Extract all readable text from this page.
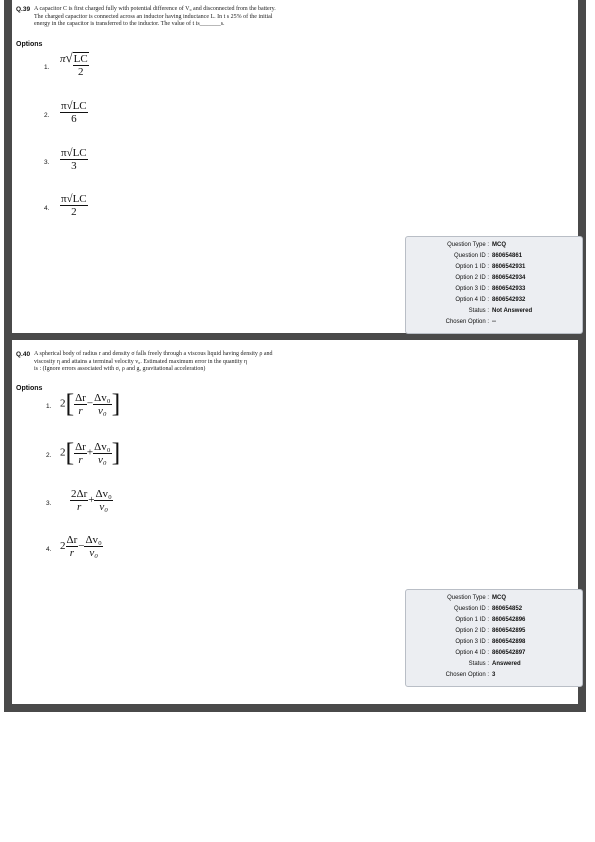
Q.39 A capacitor C is first charged fully with potential difference of V₀ and disconnected from the battery.
The charged capacitor is connected across an inductor having inductance L. In t s 25% of the initial
energy in the capacitor is transferred to the inductor. The value of t is_______s.
Options
1.
π √ $\frac{LC}{2}$
2. $\frac{\pi√LC}{6}$
3. $\frac{\pi√LC}{3}$
4. $\frac{\pi√LC}{2}$
Question Type : MCQ
Question ID : 860654861
Option 1 ID : 8606542931
Option 2 ID : 8606542934
Option 3 ID : 8606542933
Option 4 ID : 8606542932
Status : Not Answered
Chosen Option : --
Q.40 A spherical body of radius r and density σ falls freely through a viscous liquid having density ρ and
viscosity η and attains a terminal velocity v₀. Estimated maximum error in the quantity η
is : (Ignore errors associated with σ, ρ and g, gravitational acceleration)
Options
1. $2[ \frac{\Delta r}{r}- \frac{\text{Δv₀}}{\text{v₀}}]$
2. $2[ \frac{\Delta r}{r}+ \frac{\text{Δv₀}}{\text{v₀}}]$
3. $\frac{2\Delta r}{r}+ \frac{\text{Δv₀}}{\text{v₀}}$
4. $2 \frac{\Delta r}{r}- \frac{\text{Δv₀}}{\text{v₀}}$
Question Type : MCQ
Question ID : 860654852
Option 1 ID : 8606542896
Option 2 ID : 8606542895
Option 3 ID : 8606542898
Option 4 ID : 8606542897
Status : Answered
Chosen Option : 3
